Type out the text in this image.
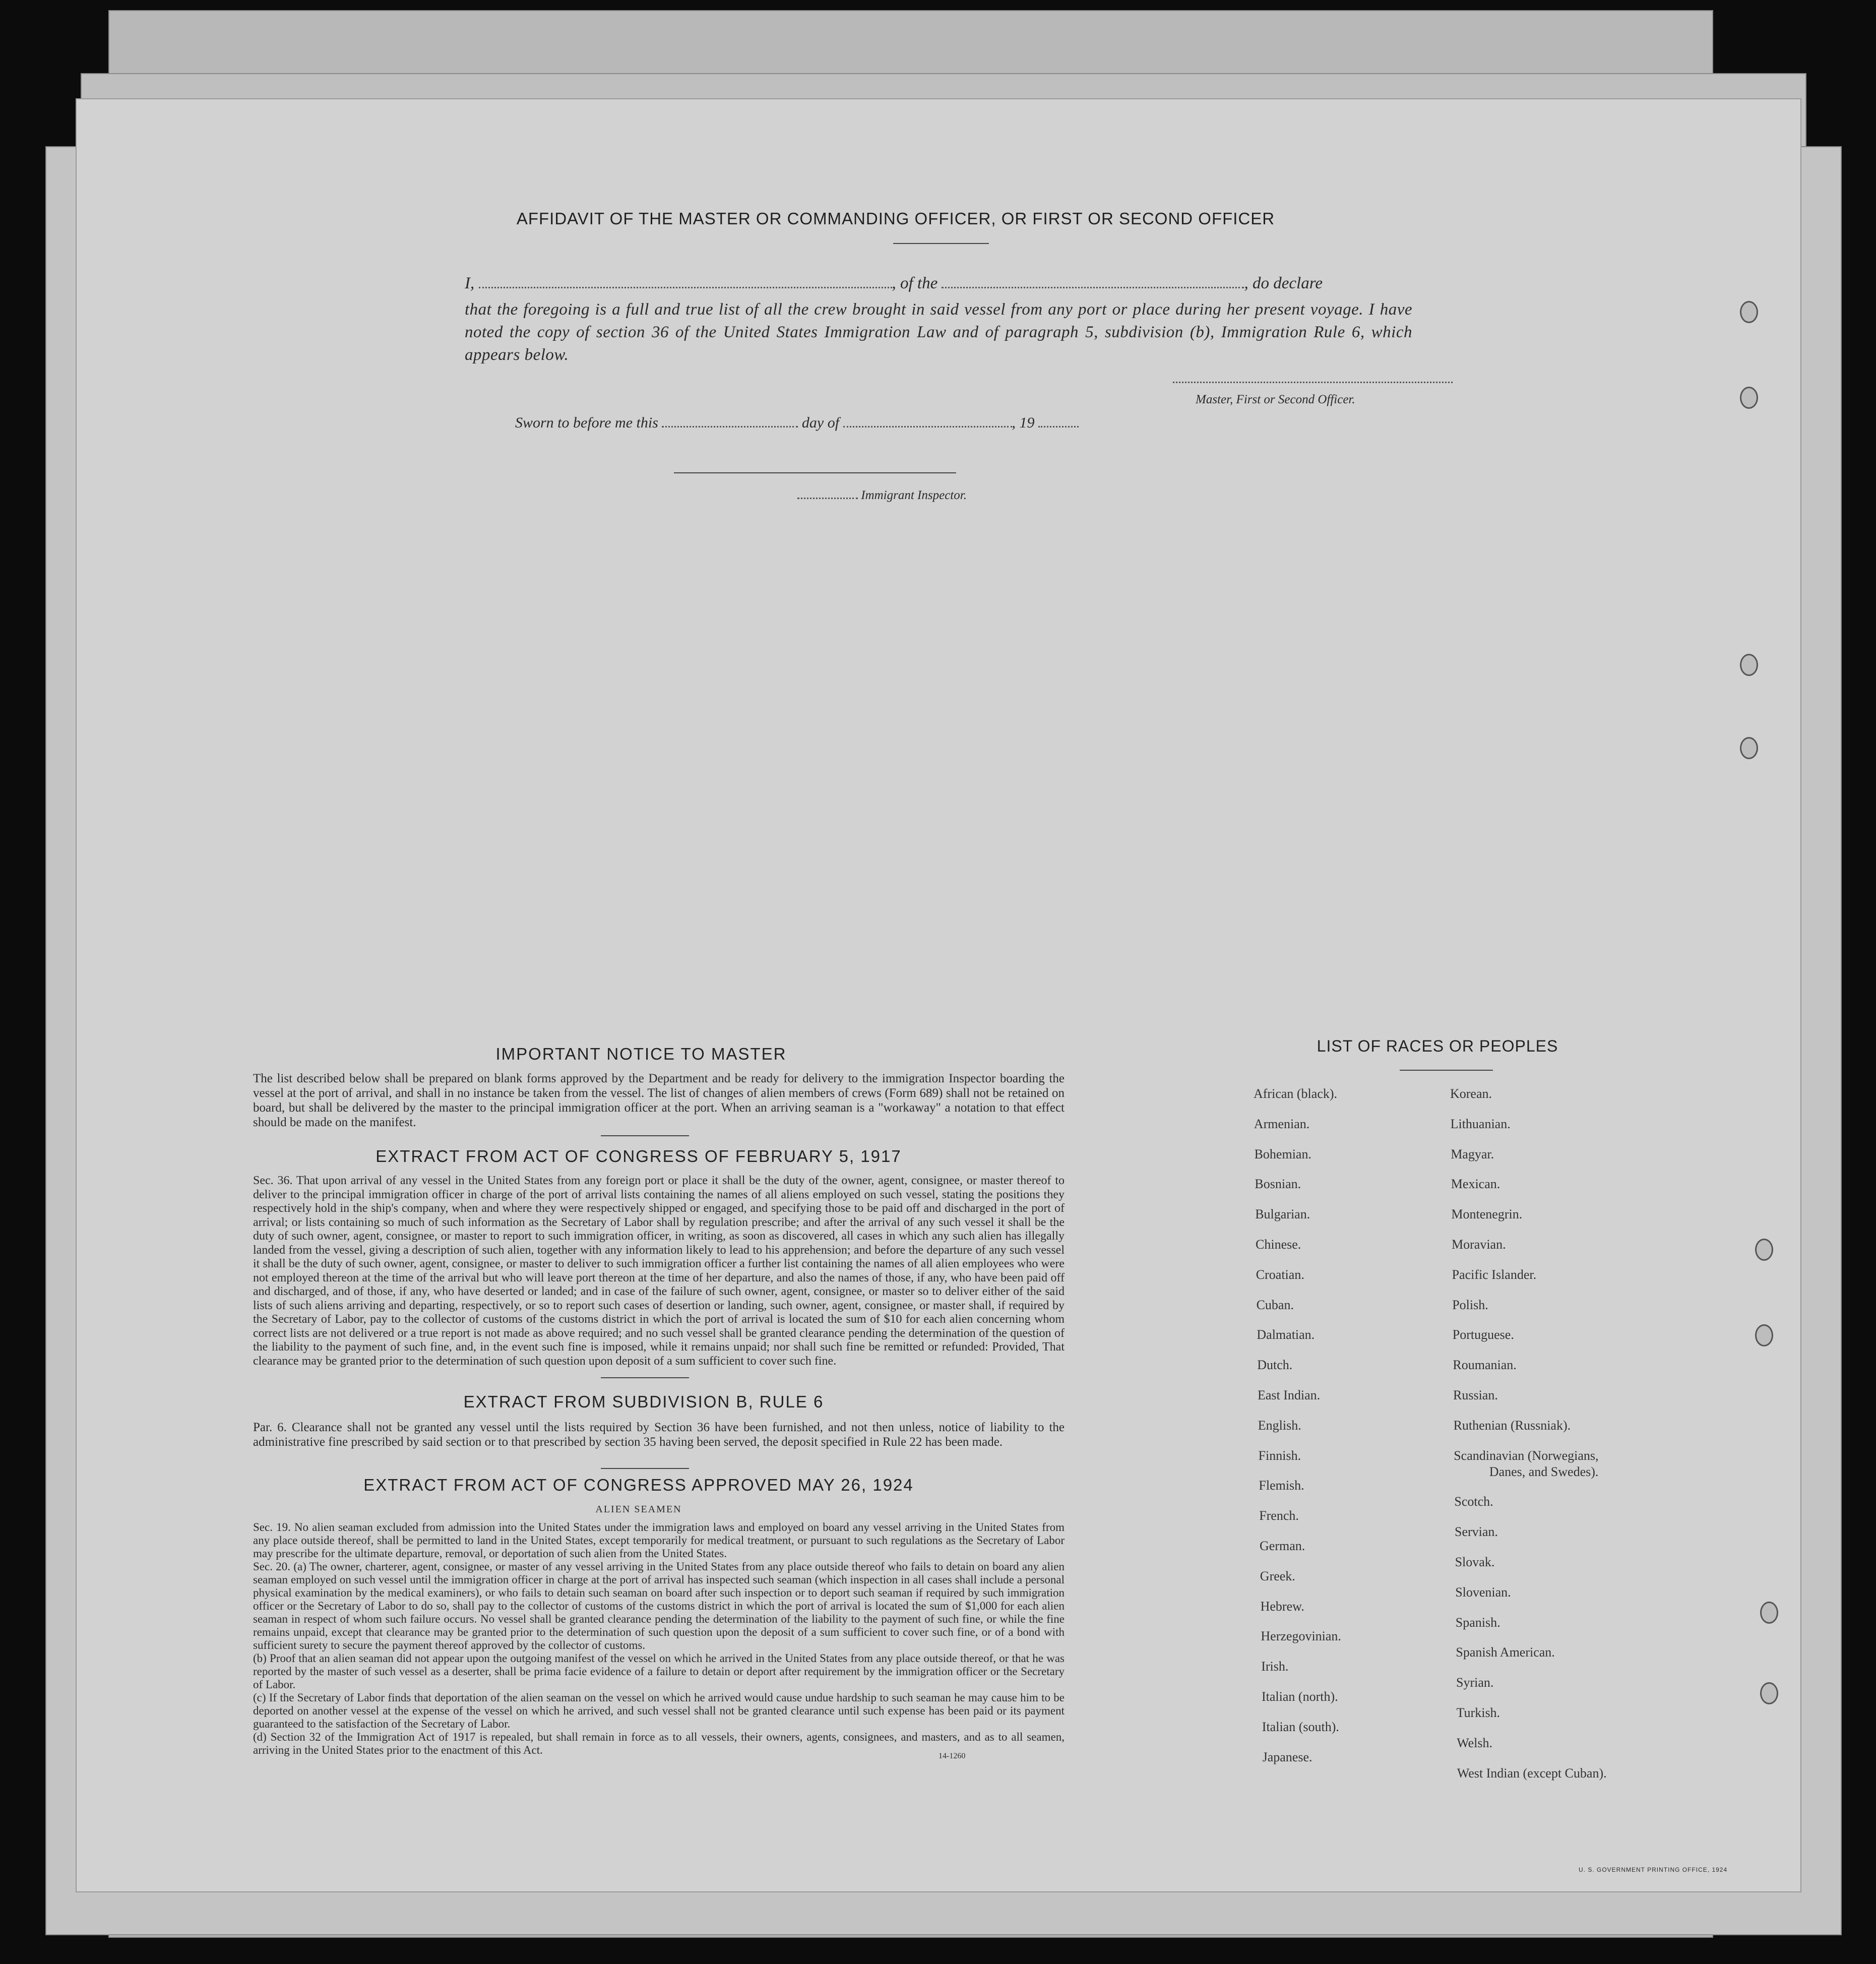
AFFIDAVIT OF THE MASTER OR COMMANDING OFFICER, OR FIRST OR SECOND OFFICER
I,	, of the	, do declare
that the foregoing is a full and true list of all the crew brought in said vessel from any port or place during her present voyage. I have noted the copy of section 36 of the United States Immigration Law and of paragraph 5, subdivision (b), Immigration Rule 6, which appears below.
Master, First or Second Officer.
Sworn to before me this	day of	, 19
Immigrant Inspector.
IMPORTANT NOTICE TO MASTER
The list described below shall be prepared on blank forms approved by the Department and be ready for delivery to the immigration Inspector boarding the vessel at the port of arrival, and shall in no instance be taken from the vessel. The list of changes of alien members of crews (Form 689) shall not be retained on board, but shall be delivered by the master to the principal immigration officer at the port. When an arriving seaman is a "workaway" a notation to that effect should be made on the manifest.
EXTRACT FROM ACT OF CONGRESS OF FEBRUARY 5, 1917
Sec. 36. That upon arrival of any vessel in the United States from any foreign port or place it shall be the duty of the owner, agent, consignee, or master thereof to deliver to the principal immigration officer in charge of the port of arrival lists containing the names of all aliens employed on such vessel, stating the positions they respectively hold in the ship's company, when and where they were respectively shipped or engaged, and specifying those to be paid off and discharged in the port of arrival; or lists containing so much of such information as the Secretary of Labor shall by regulation prescribe; and after the arrival of any such vessel it shall be the duty of such owner, agent, consignee, or master to report to such immigration officer, in writing, as soon as discovered, all cases in which any such alien has illegally landed from the vessel, giving a description of such alien, together with any information likely to lead to his apprehension; and before the departure of any such vessel it shall be the duty of such owner, agent, consignee, or master to deliver to such immigration officer a further list containing the names of all alien employees who were not employed thereon at the time of the arrival but who will leave port thereon at the time of her departure, and also the names of those, if any, who have been paid off and discharged, and of those, if any, who have deserted or landed; and in case of the failure of such owner, agent, consignee, or master so to deliver either of the said lists of such aliens arriving and departing, respectively, or so to report such cases of desertion or landing, such owner, agent, consignee, or master shall, if required by the Secretary of Labor, pay to the collector of customs of the customs district in which the port of arrival is located the sum of $10 for each alien concerning whom correct lists are not delivered or a true report is not made as above required; and no such vessel shall be granted clearance pending the determination of the question of the liability to the payment of such fine, and, in the event such fine is imposed, while it remains unpaid; nor shall such fine be remitted or refunded: Provided, That clearance may be granted prior to the determination of such question upon deposit of a sum sufficient to cover such fine.
EXTRACT FROM SUBDIVISION B, RULE 6
Par. 6. Clearance shall not be granted any vessel until the lists required by Section 36 have been furnished, and not then unless, notice of liability to the administrative fine prescribed by said section or to that prescribed by section 35 having been served, the deposit specified in Rule 22 has been made.
EXTRACT FROM ACT OF CONGRESS APPROVED MAY 26, 1924
ALIEN SEAMEN
Sec. 19. No alien seaman excluded from admission into the United States under the immigration laws and employed on board any vessel arriving in the United States from any place outside thereof, shall be permitted to land in the United States, except temporarily for medical treatment, or pursuant to such regulations as the Secretary of Labor may prescribe for the ultimate departure, removal, or deportation of such alien from the United States.
Sec. 20. (a) The owner, charterer, agent, consignee, or master of any vessel arriving in the United States from any place outside thereof who fails to detain on board any alien seaman employed on such vessel until the immigration officer in charge at the port of arrival has inspected such seaman (which inspection in all cases shall include a personal physical examination by the medical examiners), or who fails to detain such seaman on board after such inspection or to deport such seaman if required by such immigration officer or the Secretary of Labor to do so, shall pay to the collector of customs of the customs district in which the port of arrival is located the sum of $1,000 for each alien seaman in respect of whom such failure occurs. No vessel shall be granted clearance pending the determination of the liability to the payment of such fine, or while the fine remains unpaid, except that clearance may be granted prior to the determination of such question upon the deposit of a sum sufficient to cover such fine, or of a bond with sufficient surety to secure the payment thereof approved by the collector of customs.
(b) Proof that an alien seaman did not appear upon the outgoing manifest of the vessel on which he arrived in the United States from any place outside thereof, or that he was reported by the master of such vessel as a deserter, shall be prima facie evidence of a failure to detain or deport after requirement by the immigration officer or the Secretary of Labor.
(c) If the Secretary of Labor finds that deportation of the alien seaman on the vessel on which he arrived would cause undue hardship to such seaman he may cause him to be deported on another vessel at the expense of the vessel on which he arrived, and such vessel shall not be granted clearance until such expense has been paid or its payment guaranteed to the satisfaction of the Secretary of Labor.
(d) Section 32 of the Immigration Act of 1917 is repealed, but shall remain in force as to all vessels, their owners, agents, consignees, and masters, and as to all seamen, arriving in the United States prior to the enactment of this Act.	14-1260
LIST OF RACES OR PEOPLES
U. S. GOVERNMENT PRINTING OFFICE, 1924
African (black).
Armenian.
Bohemian.
Bosnian.
Bulgarian.
Chinese.
Croatian.
Cuban.
Dalmatian.
Dutch.
East Indian.
English.
Finnish.
Flemish.
French.
German.
Greek.
Hebrew.
Herzegovinian.
Irish.
Italian (north).
Italian (south).
Japanese.
Korean.
Lithuanian.
Magyar.
Mexican.
Montenegrin.
Moravian.
Pacific Islander.
Polish.
Portuguese.
Roumanian.
Russian.
Ruthenian (Russniak).
Scandinavian (Norwegians,
Danes, and Swedes).
Scotch.
Servian.
Slovak.
Slovenian.
Spanish.
Spanish American.
Syrian.
Turkish.
Welsh.
West Indian (except Cuban).
